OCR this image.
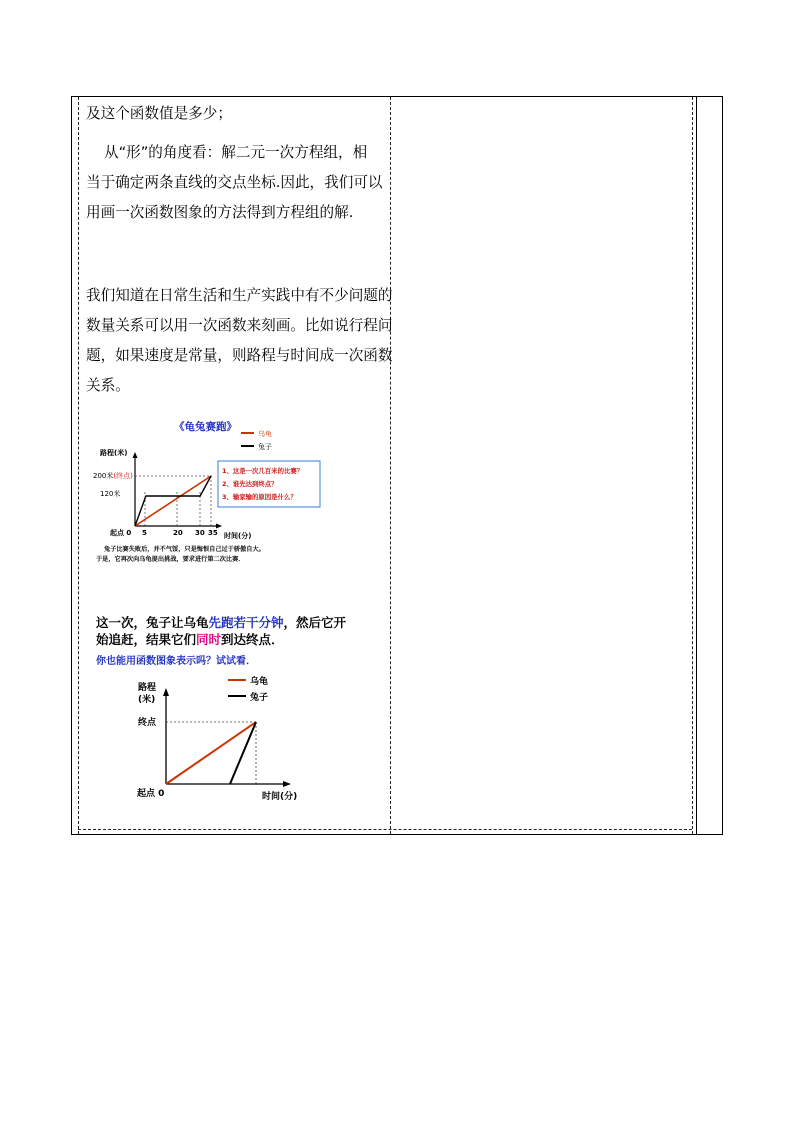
及这个函数值是多少；

从“形”的角度看：解二元一次方程组，相
当于确定两条直线的交点坐标.因此，我们可以
用画一次函数图象的方法得到方程组的解.

我们知道在日常生活和生产实践中有不少问题的
数量关系可以用一次函数来刻画。比如说行程问
题，如果速度是常量，则路程与时间成一次函数
关系。

《龟兔赛跑》
乌龟
兔子
路程(米)
200米(终点)
120米
起点 0 5	20 30 35 时间(分)
1、这是一次几百米的比赛？
2、谁先达到终点？
3、输家输的原因是什么？
兔子比赛失败后，并不气馁，只是悔恨自己过于骄傲自大。
于是，它再次向乌龟提出挑战，要求进行第二次比赛．
这一次，兔子让乌龟先跑若干分钟，然后它开
始追赶，结果它们同时到达终点．
你也能用函数图象表示吗？试试看．
路程
(米)
乌龟
兔子
终点
起点 0	时间(分)
